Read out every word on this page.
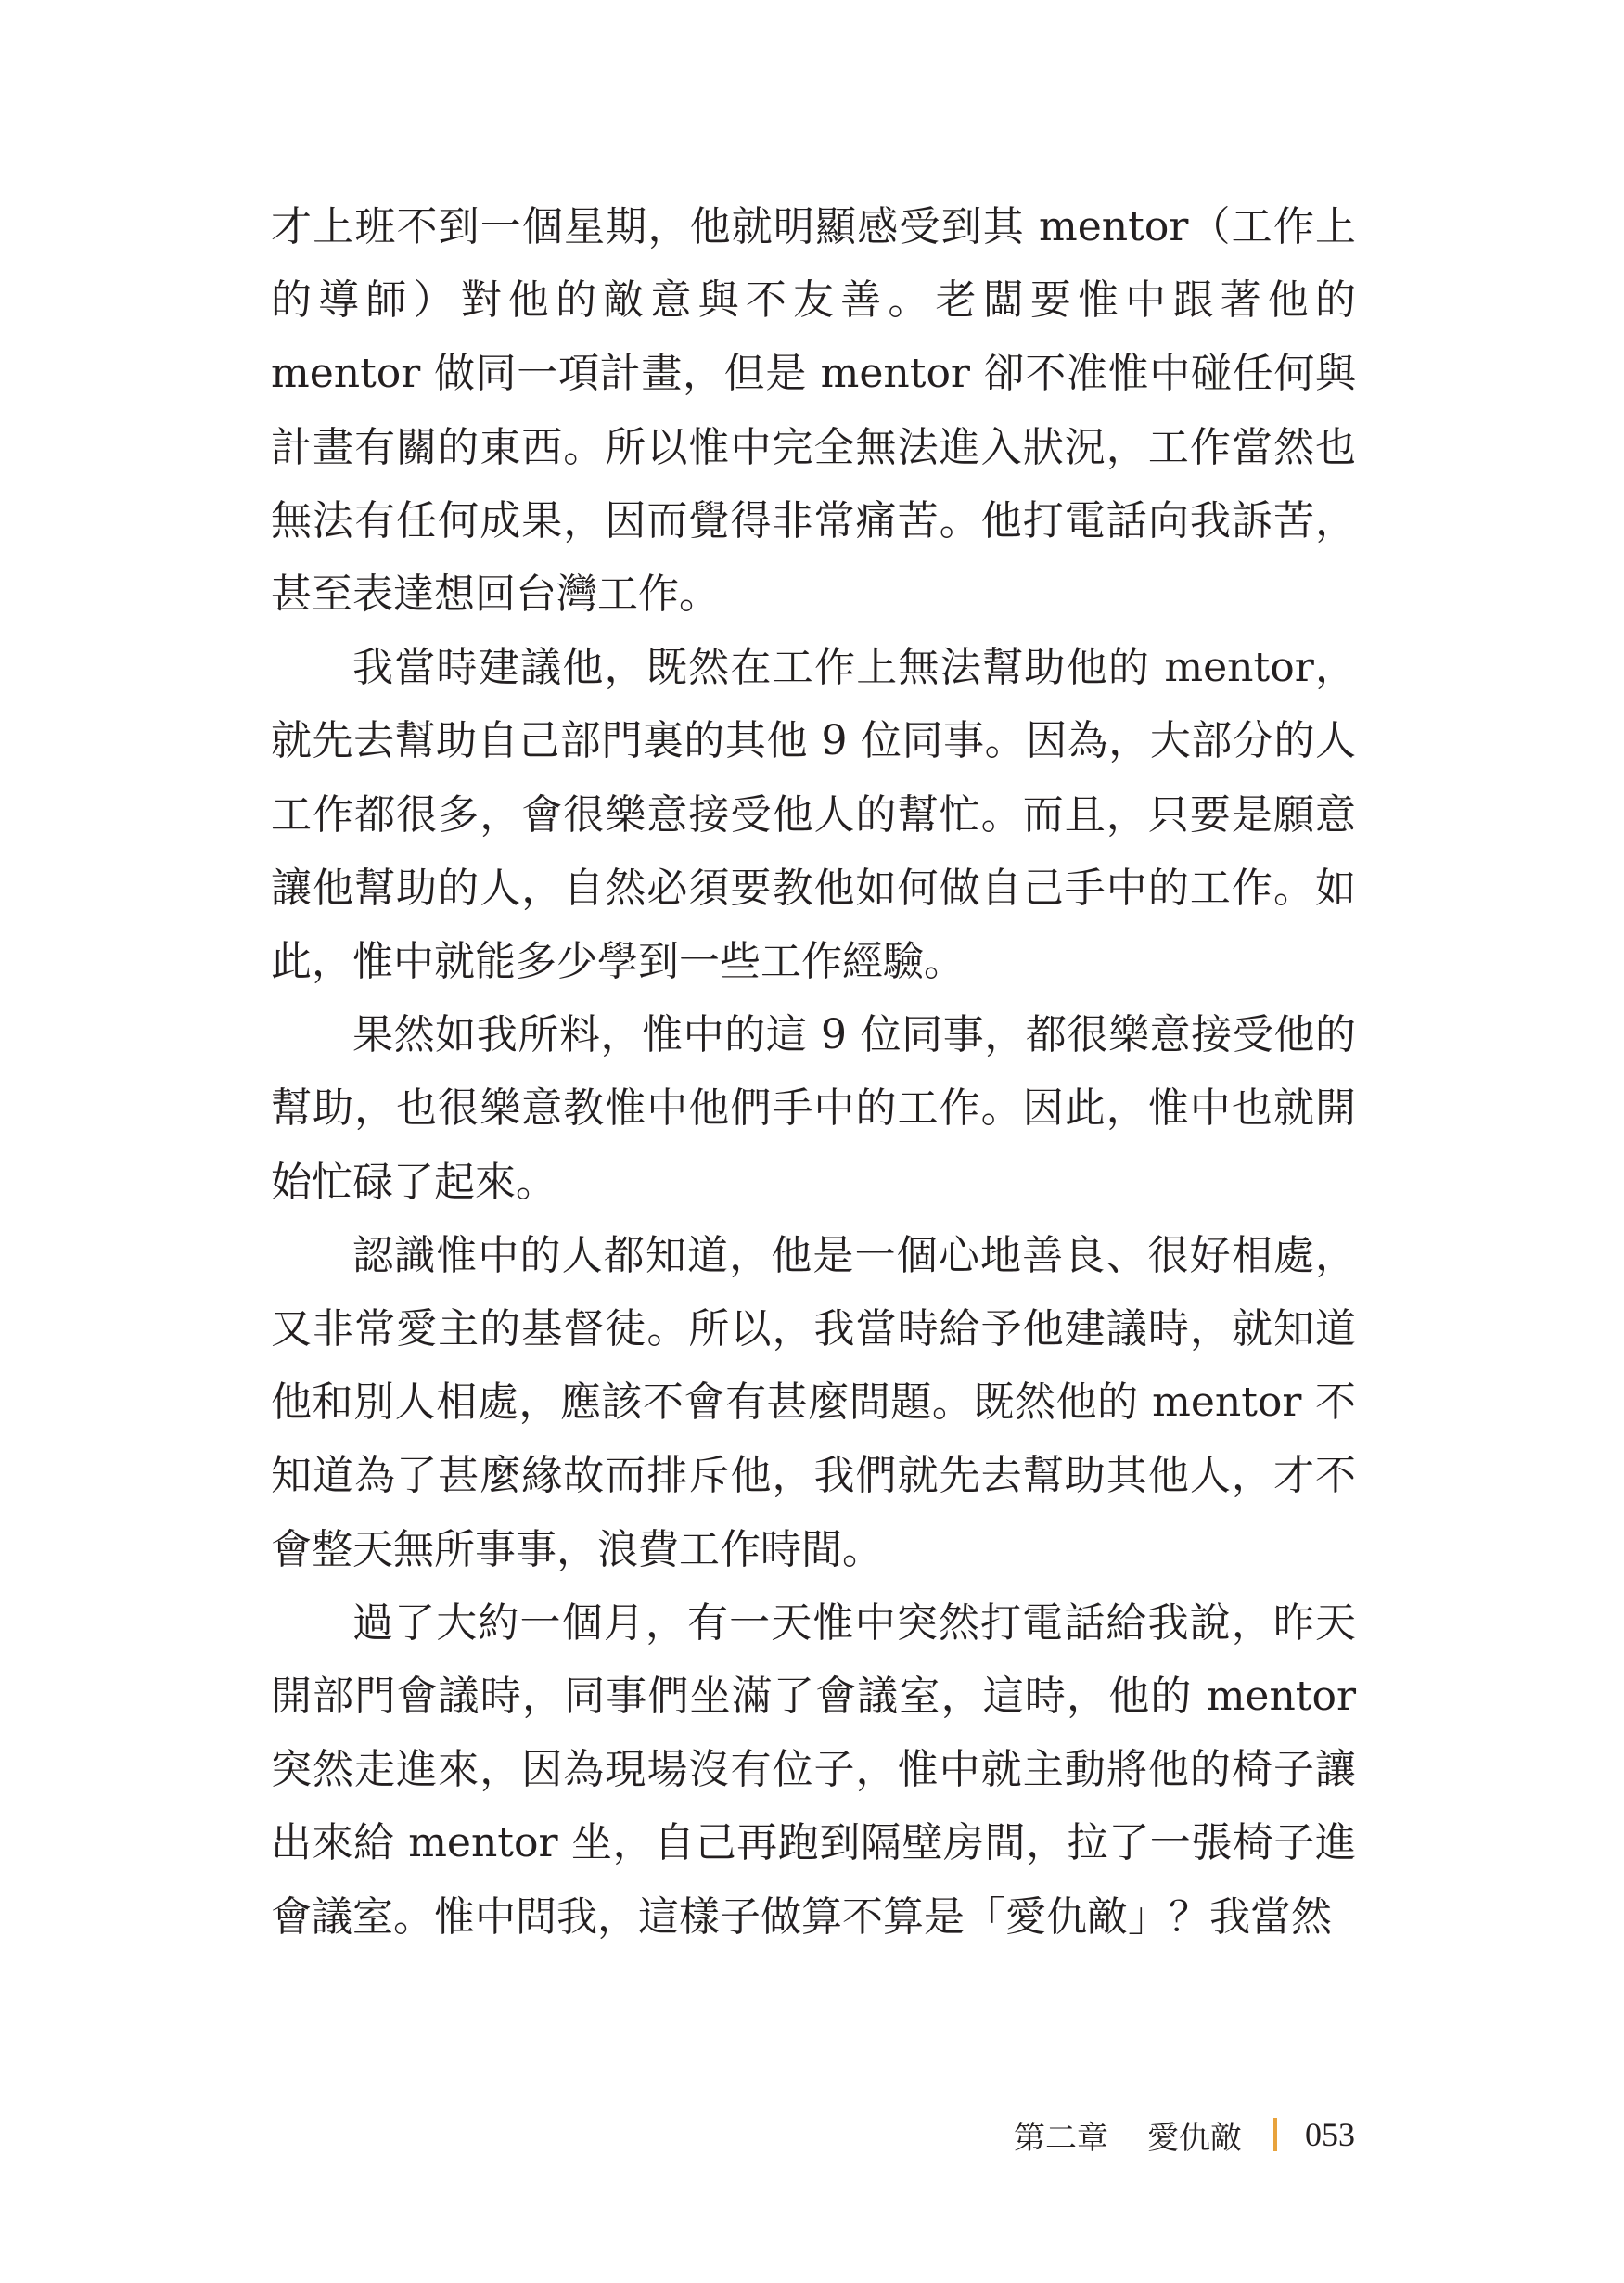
才上班不到一個星期，他就明顯感受到其 mentor（工作上的導師）對他的敵意與不友善。老闆要惟中跟著他的 mentor 做同一項計畫，但是 mentor 卻不准惟中碰任何與計畫有關的東西。所以惟中完全無法進入狀況，工作當然也無法有任何成果，因而覺得非常痛苦。他打電話向我訴苦，甚至表達想回台灣工作。

我當時建議他，既然在工作上無法幫助他的 mentor，就先去幫助自己部門裏的其他 9 位同事。因為，大部分的人工作都很多，會很樂意接受他人的幫忙。而且，只要是願意讓他幫助的人，自然必須要教他如何做自己手中的工作。如此，惟中就能多少學到一些工作經驗。

果然如我所料，惟中的這 9 位同事，都很樂意接受他的幫助，也很樂意教惟中他們手中的工作。因此，惟中也就開始忙碌了起來。

認識惟中的人都知道，他是一個心地善良、很好相處，又非常愛主的基督徒。所以，我當時給予他建議時，就知道他和別人相處，應該不會有甚麼問題。既然他的 mentor 不知道為了甚麼緣故而排斥他，我們就先去幫助其他人，才不會整天無所事事，浪費工作時間。

過了大約一個月，有一天惟中突然打電話給我說，昨天開部門會議時，同事們坐滿了會議室，這時，他的 mentor 突然走進來，因為現場沒有位子，惟中就主動將他的椅子讓出來給 mentor 坐，自己再跑到隔壁房間，拉了一張椅子進會議室。惟中問我，這樣子做算不算是「愛仇敵」？我當然

第二章 愛仇敵 053
